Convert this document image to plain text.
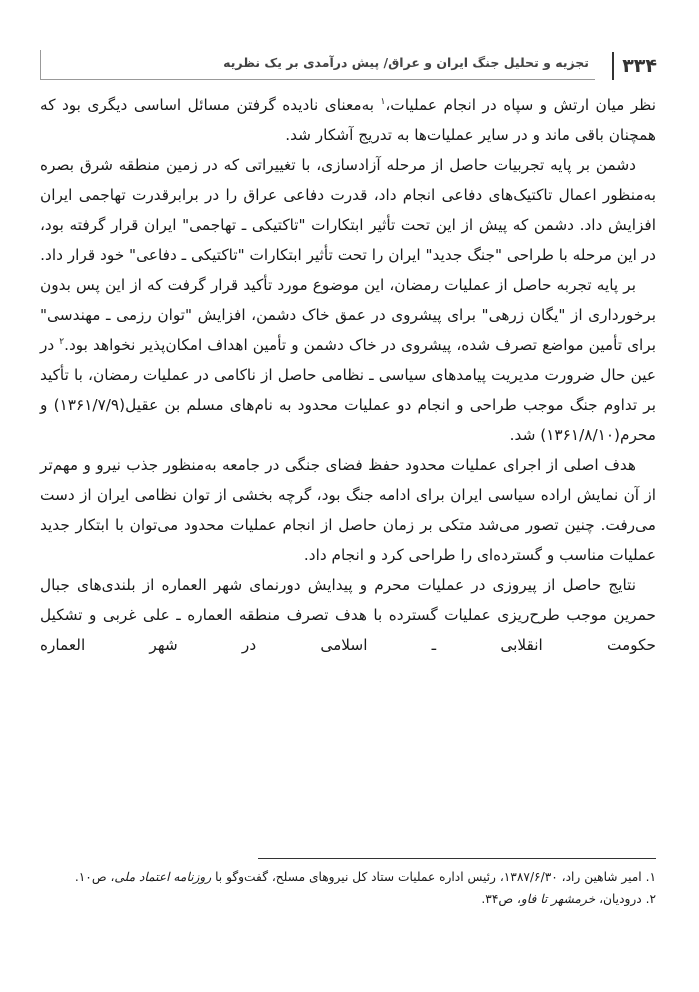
۳۳۴
تجزیه و تحلیل جنگ ایران و عراق/ پیش درآمدی بر یک نظریه

نظر میان ارتش و سپاه در انجام عملیات،$^۱$ به‌معنای نادیده گرفتن مسائل اساسی دیگری بود که همچنان باقی ماند و در سایر عملیات‌ها به تدریج آشکار شد.

دشمن بر پایه تجربیات حاصل از مرحله آزادسازی، با تغییراتی که در زمین منطقه شرق بصره به‌منظور اعمال تاکتیک‌های دفاعی انجام داد، قدرت دفاعی عراق را در برابرقدرت تهاجمی ایران افزایش داد. دشمن که پیش از این تحت تأثیر ابتکارات "تاکتیکی ـ تهاجمی" ایران قرار گرفته بود، در این مرحله با طراحی "جنگ جدید" ایران را تحت تأثیر ابتکارات "تاکتیکی ـ دفاعی" خود قرار داد.

بر پایه تجربه حاصل از عملیات رمضان، این موضوع مورد تأکید قرار گرفت که از این پس بدون برخورداری از "یگان زرهی" برای پیشروی در عمق خاک دشمن، افزایش "توان رزمی ـ مهندسی" برای تأمین مواضع تصرف شده، پیشروی در خاک دشمن و تأمین اهداف امکان‌پذیر نخواهد بود.$^۲$ در عین حال ضرورت مدیریت پیامدهای سیاسی ـ نظامی حاصل از ناکامی در عملیات رمضان، با تأکید بر تداوم جنگ موجب طراحی و انجام دو عملیات محدود به نام‌های مسلم بن عقیل(۱۳۶۱/۷/۹) و محرم(۱۳۶۱/۸/۱۰) شد.

هدف اصلی از اجرای عملیات محدود حفظ فضای جنگی در جامعه به‌منظور جذب نیرو و مهم‌تر از آن نمایش اراده سیاسی ایران برای ادامه جنگ بود، گرچه بخشی از توان نظامی ایران از دست می‌رفت. چنین تصور می‌شد متکی بر زمان حاصل از انجام عملیات محدود می‌توان با ابتکار جدید عملیات مناسب و گسترده‌ای را طراحی کرد و انجام داد.

نتایج حاصل از پیروزی در عملیات محرم و پیدایش دورنمای شهر العماره از بلندی‌های جبال حمرین موجب طرح‌ریزی عملیات گسترده با هدف تصرف منطقه العماره ـ علی غربی و تشکیل حکومت انقلابی ـ اسلامی در شهر العماره

۱. امیر شاهین راد، ۱۳۸۷/۶/۳۰، رئیس اداره عملیات ستاد کل نیروهای مسلح، گفت‌وگو با روزنامه اعتماد ملی، ص۱۰.
۲. درودیان، خرمشهر تا فاو، ص۳۴.
